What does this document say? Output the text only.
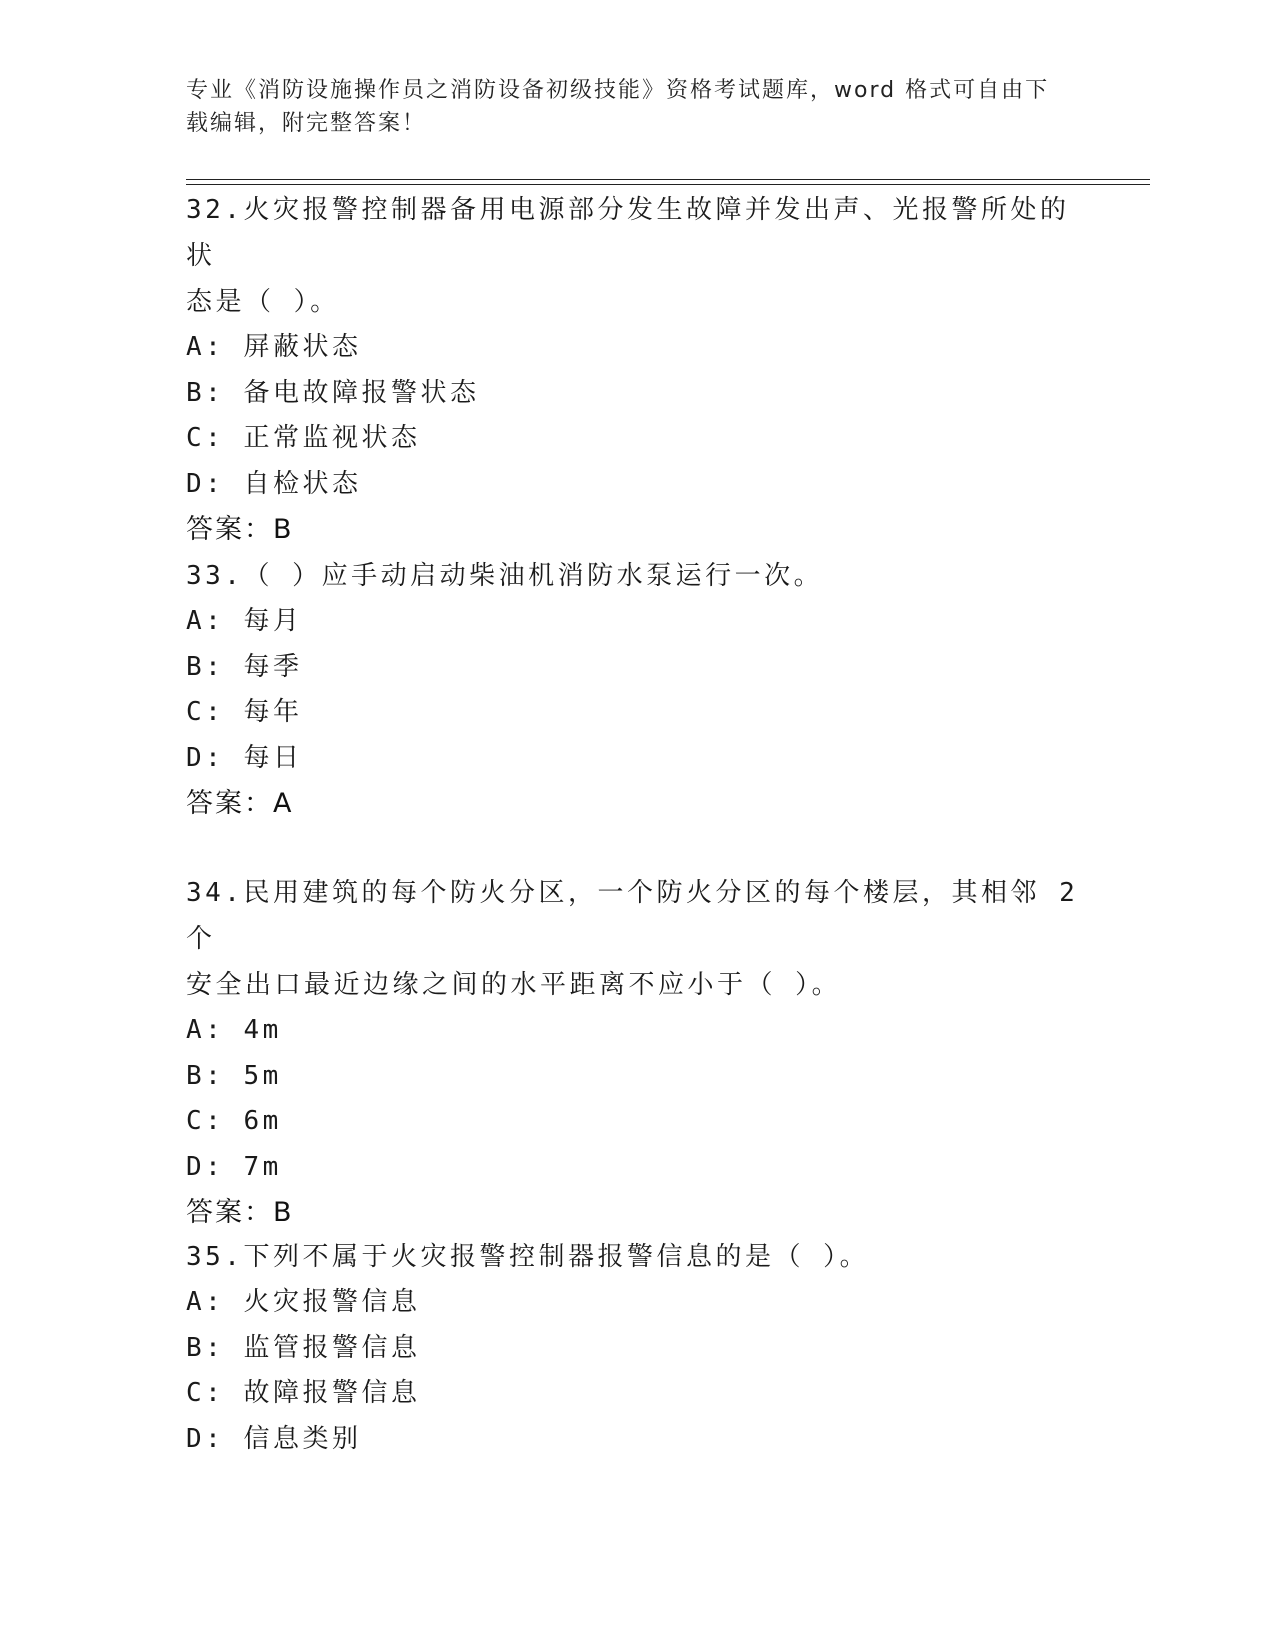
专业《消防设施操作员之消防设备初级技能》资格考试题库，word 格式可自由下
载编辑，附完整答案！
32.火灾报警控制器备用电源部分发生故障并发出声、光报警所处的状
态是（ ）。
A: 屏蔽状态
B: 备电故障报警状态
C: 正常监视状态
D: 自检状态
答案：B
33.（ ）应手动启动柴油机消防水泵运行一次。
A: 每月
B: 每季
C: 每年
D: 每日
答案：A
34.民用建筑的每个防火分区，一个防火分区的每个楼层，其相邻 2 个
安全出口最近边缘之间的水平距离不应小于（ ）。
A: 4m
B: 5m
C: 6m
D: 7m
答案：B
35.下列不属于火灾报警控制器报警信息的是（ ）。
A: 火灾报警信息
B: 监管报警信息
C: 故障报警信息
D: 信息类别
